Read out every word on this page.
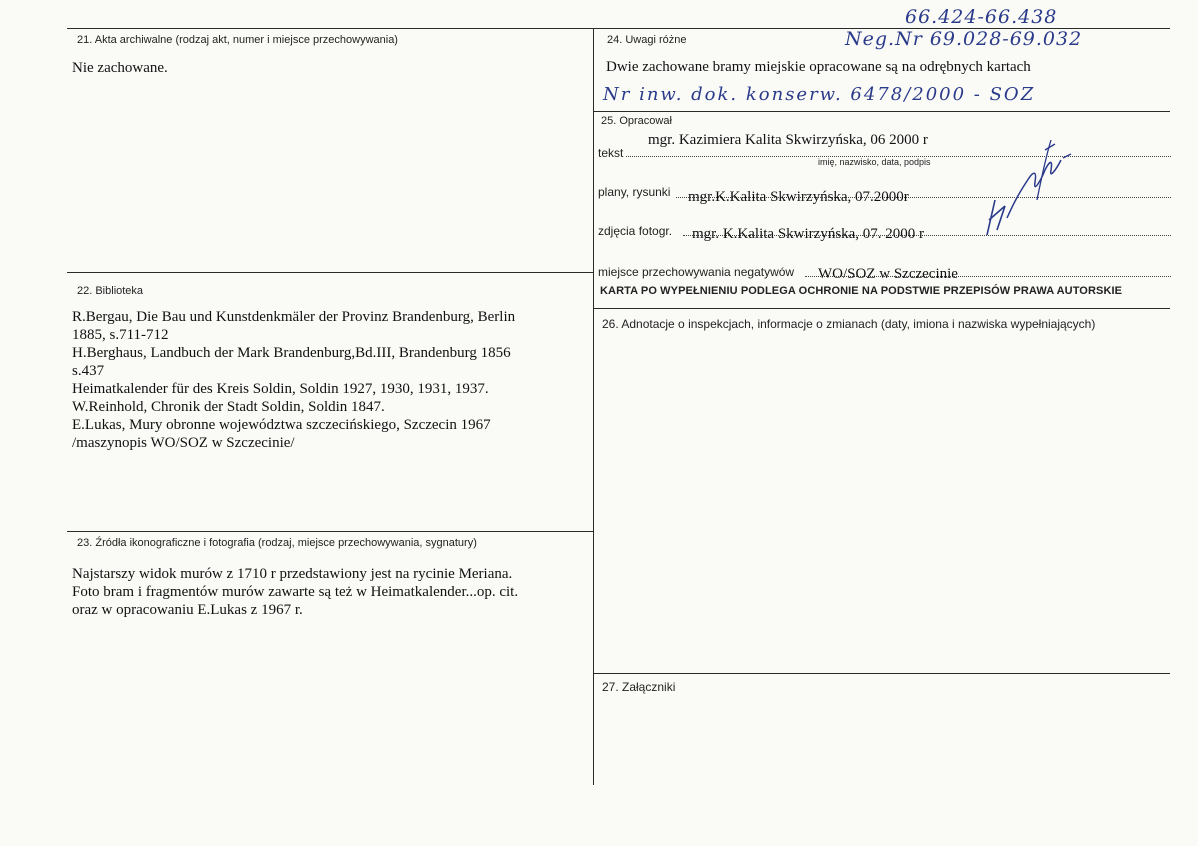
21. Akta archiwalne (rodzaj akt, numer i miejsce przechowywania)
Nie zachowane.
22. Biblioteka
R.Bergau, Die Bau und Kunstdenkmäler der Provinz Brandenburg, Berlin
1885, s.711-712
H.Berghaus, Landbuch der Mark Brandenburg,Bd.III, Brandenburg 1856
s.437
Heimatkalender für des Kreis Soldin, Soldin 1927, 1930, 1931, 1937.
W.Reinhold, Chronik der Stadt Soldin, Soldin 1847.
E.Lukas, Mury obronne województwa szczecińskiego, Szczecin 1967
/maszynopis WO/SOZ w Szczecinie/
23. Źródła ikonograficzne i fotografia (rodzaj, miejsce przechowywania, sygnatury)
Najstarszy widok murów z 1710 r przedstawiony jest na rycinie Meriana.
Foto bram i fragmentów murów zawarte są też w Heimatkalender...op. cit.
oraz w opracowaniu E.Lukas z 1967 r.
66.424-66.438
Neg.Nr 69.028-69.032
24. Uwagi różne
Dwie zachowane bramy miejskie opracowane są na odrębnych kartach
Nr inw. dok. konserw. 6478/2000 - SOZ
25. Opracował
tekst
mgr. Kazimiera Kalita Skwirzyńska, 06 2000 r
imię, nazwisko, data, podpis
plany, rysunki mgr.K.Kalita Skwirzyńska, 07.2000r
zdjęcia fotogr. mgr. K.Kalita Skwirzyńska, 07. 2000 r
miejsce przechowywania negatywów WO/SOZ w Szczecinie
KARTA PO WYPEŁNIENIU PODLEGA OCHRONIE NA PODSTWIE PRZEPISÓW PRAWA AUTORSKIE
26. Adnotacje o inspekcjach, informacje o zmianach (daty, imiona i nazwiska wypełniających)
27. Załączniki
